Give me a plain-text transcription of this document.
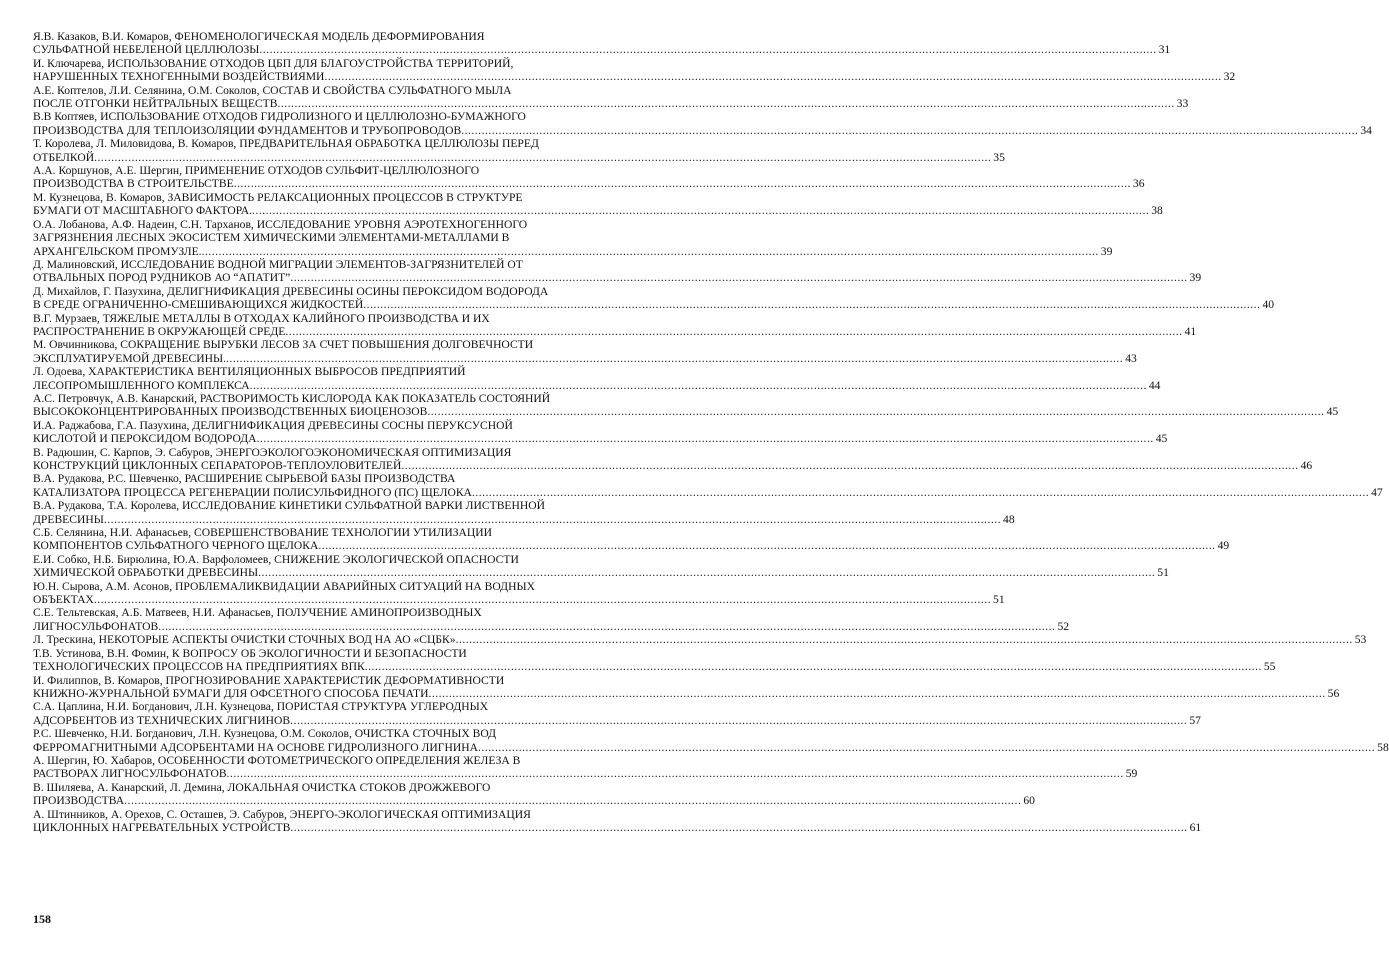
Я.В. Казаков, В.И. Комаров, ФЕНОМЕНОЛОГИЧЕСКАЯ МОДЕЛЬ ДЕФОРМИРОВАНИЯ
СУЛЬФАТНОЙ НЕБЕЛЕНОЙ ЦЕЛЛЮЛОЗЫ .....	31
И. Ключарева, ИСПОЛЬЗОВАНИЕ ОТХОДОВ ЦБП ДЛЯ БЛАГОУСТРОЙСТВА ТЕРРИТОРИЙ,
НАРУШЕННЫХ ТЕХНОГЕННЫМИ ВОЗДЕЙСТВИЯМИ .....	32
А.Е. Коптелов, Л.И. Селянина, О.М. Соколов, СОСТАВ И СВОЙСТВА СУЛЬФАТНОГО МЫЛА
ПОСЛЕ ОТГОНКИ НЕЙТРАЛЬНЫХ ВЕЩЕСТВ .....	33
В.В Коптяев, ИСПОЛЬЗОВАНИЕ ОТХОДОВ ГИДРОЛИЗНОГО И ЦЕЛЛЮЛОЗНО-БУМАЖНОГО
ПРОИЗВОДСТВА ДЛЯ ТЕПЛОИЗОЛЯЦИИ ФУНДАМЕНТОВ И ТРУБОПРОВОДОВ .....	34
Т. Королева, Л. Миловидова, В. Комаров, ПРЕДВАРИТЕЛЬНАЯ ОБРАБОТКА ЦЕЛЛЮЛОЗЫ ПЕРЕД
ОТБЕЛКОЙ .....	35
А.А. Коршунов, А.Е. Шергин, ПРИМЕНЕНИЕ ОТХОДОВ СУЛЬФИТ-ЦЕЛЛЮЛОЗНОГО
ПРОИЗВОДСТВА В СТРОИТЕЛЬСТВЕ .....	36
М. Кузнецова, В. Комаров, ЗАВИСИМОСТЬ РЕЛАКСАЦИОННЫХ ПРОЦЕССОВ В СТРУКТУРЕ
БУМАГИ ОТ МАСШТАБНОГО ФАКТОРА. .....	38
О.А. Лобанова, А.Ф. Надеин, С.Н. Тарханов, ИССЛЕДОВАНИЕ УРОВНЯ АЭРОТЕХНОГЕННОГО
ЗАГРЯЗНЕНИЯ ЛЕСНЫХ ЭКОСИСТЕМ ХИМИЧЕСКИМИ ЭЛЕМЕНТАМИ-МЕТАЛЛАМИ В
АРХАНГЕЛЬСКОМ ПРОМУЗЛЕ. .....	39
Д. Малиновский, ИССЛЕДОВАНИЕ ВОДНОЙ МИГРАЦИИ ЭЛЕМЕНТОВ-ЗАГРЯЗНИТЕЛЕЙ ОТ
ОТВАЛЬНЫХ ПОРОД РУДНИКОВ АО “АПАТИТ” .....	39
Д. Михайлов, Г. Пазухина, ДЕЛИГНИФИКАЦИЯ ДРЕВЕСИНЫ ОСИНЫ ПЕРОКСИДОМ ВОДОРОДА
В СРЕДЕ ОГРАНИЧЕННО-СМЕШИВАЮЩИХСЯ ЖИДКОСТЕЙ .....	40
В.Г. Мурзаев, ТЯЖЕЛЫЕ МЕТАЛЛЫ В ОТХОДАХ КАЛИЙНОГО ПРОИЗВОДСТВА И ИХ
РАСПРОСТРАНЕНИЕ В ОКРУЖАЮЩЕЙ СРЕДЕ .....	41
М. Овчинникова, СОКРАЩЕНИЕ ВЫРУБКИ ЛЕСОВ ЗА СЧЕТ ПОВЫШЕНИЯ ДОЛГОВЕЧНОСТИ
ЭКСПЛУАТИРУЕМОЙ ДРЕВЕСИНЫ. .....	43
Л. Одоева, ХАРАКТЕРИСТИКА ВЕНТИЛЯЦИОННЫХ ВЫБРОСОВ ПРЕДПРИЯТИЙ
ЛЕСОПРОМЫШЛЕННОГО КОМПЛЕКСА .....	44
А.С. Петровчук, А.В. Канарский, РАСТВОРИМОСТЬ КИСЛОРОДА КАК ПОКАЗАТЕЛЬ СОСТОЯНИЙ
ВЫСОКОКОНЦЕНТРИРОВАННЫХ ПРОИЗВОДСТВЕННЫХ БИОЦЕНОЗОВ .....	45
И.А. Раджабова, Г.А. Пазухина, ДЕЛИГНИФИКАЦИЯ ДРЕВЕСИНЫ СОСНЫ ПЕРУКСУСНОЙ
КИСЛОТОЙ И ПЕРОКСИДОМ ВОДОРОДА .....	45
В. Радюшин, С. Карпов, Э. Сабуров, ЭНЕРГОЭКОЛОГОЭКОНОМИЧЕСКАЯ ОПТИМИЗАЦИЯ
КОНСТРУКЦИЙ ЦИКЛОННЫХ СЕПАРАТОРОВ-ТЕПЛОУЛОВИТЕЛЕЙ .....	46
В.А. Рудакова, Р.С. Шевченко, РАСШИРЕНИЕ СЫРЬЕВОЙ БАЗЫ ПРОИЗВОДСТВА
КАТАЛИЗАТОРА ПРОЦЕССА РЕГЕНЕРАЦИИ ПОЛИСУЛЬФИДНОГО (ПС) ЩЕЛОКА .....	47
В.А. Рудакова, Т.А. Королева, ИССЛЕДОВАНИЕ КИНЕТИКИ СУЛЬФАТНОЙ ВАРКИ ЛИСТВЕННОЙ
ДРЕВЕСИНЫ .....	48
С.Б. Селянина, Н.И. Афанасьев, СОВЕРШЕНСТВОВАНИЕ ТЕХНОЛОГИИ УТИЛИЗАЦИИ
КОМПОНЕНТОВ СУЛЬФАТНОГО ЧЕРНОГО ЩЕЛОКА .....	49
Е.И. Собко, Н.Б. Бирюлина, Ю.А. Варфоломеев, СНИЖЕНИЕ ЭКОЛОГИЧЕСКОЙ ОПАСНОСТИ
ХИМИЧЕСКОЙ ОБРАБОТКИ ДРЕВЕСИНЫ .....	51
Ю.Н. Сырова, А.М. Асонов, ПРОБЛЕМАЛИКВИДАЦИИ АВАРИЙНЫХ СИТУАЦИЙ НА ВОДНЫХ
ОБЪЕКТАХ .....	51
С.Е. Тельтевская, А.Б. Матвеев, Н.И. Афанасьев, ПОЛУЧЕНИЕ АМИНОПРОИЗВОДНЫХ
ЛИГНОСУЛЬФОНАТОВ .....	52
Л. Трескина, НЕКОТОРЫЕ АСПЕКТЫ ОЧИСТКИ СТОЧНЫХ ВОД НА АО «СЦБК» .....	53
Т.В. Устинова, В.Н. Фомин, К ВОПРОСУ ОБ ЭКОЛОГИЧНОСТИ И БЕЗОПАСНОСТИ
ТЕХНОЛОГИЧЕСКИХ ПРОЦЕССОВ НА ПРЕДПРИЯТИЯХ ВПК .....	55
И. Филиппов, В. Комаров, ПРОГНОЗИРОВАНИЕ ХАРАКТЕРИСТИК ДЕФОРМАТИВНОСТИ
КНИЖНО-ЖУРНАЛЬНОЙ БУМАГИ ДЛЯ ОФСЕТНОГО СПОСОБА ПЕЧАТИ .....	56
С.А. Цаплина, Н.И. Богданович, Л.Н. Кузнецова, ПОРИСТАЯ СТРУКТУРА УГЛЕРОДНЫХ
АДСОРБЕНТОВ ИЗ ТЕХНИЧЕСКИХ ЛИГНИНОВ .....	57
Р.С. Шевченко, Н.И. Богданович, Л.Н. Кузнецова, О.М. Соколов, ОЧИСТКА СТОЧНЫХ ВОД
ФЕРРОМАГНИТНЫМИ АДСОРБЕНТАМИ НА ОСНОВЕ ГИДРОЛИЗНОГО ЛИГНИНА .....	58
А. Шергин, Ю. Хабаров, ОСОБЕННОСТИ ФОТОМЕТРИЧЕСКОГО ОПРЕДЕЛЕНИЯ ЖЕЛЕЗА В
РАСТВОРАХ ЛИГНОСУЛЬФОНАТОВ .....	59
В. Шиляева, А. Канарский, Л. Демина, ЛОКАЛЬНАЯ ОЧИСТКА СТОКОВ ДРОЖЖЕВОГО
ПРОИЗВОДСТВА .....	60
А. Штинников, А. Орехов, С. Осташев, Э. Сабуров, ЭНЕРГО-ЭКОЛОГИЧЕСКАЯ ОПТИМИЗАЦИЯ
ЦИКЛОННЫХ НАГРЕВАТЕЛЬНЫХ УСТРОЙСТВ .....	61
158
